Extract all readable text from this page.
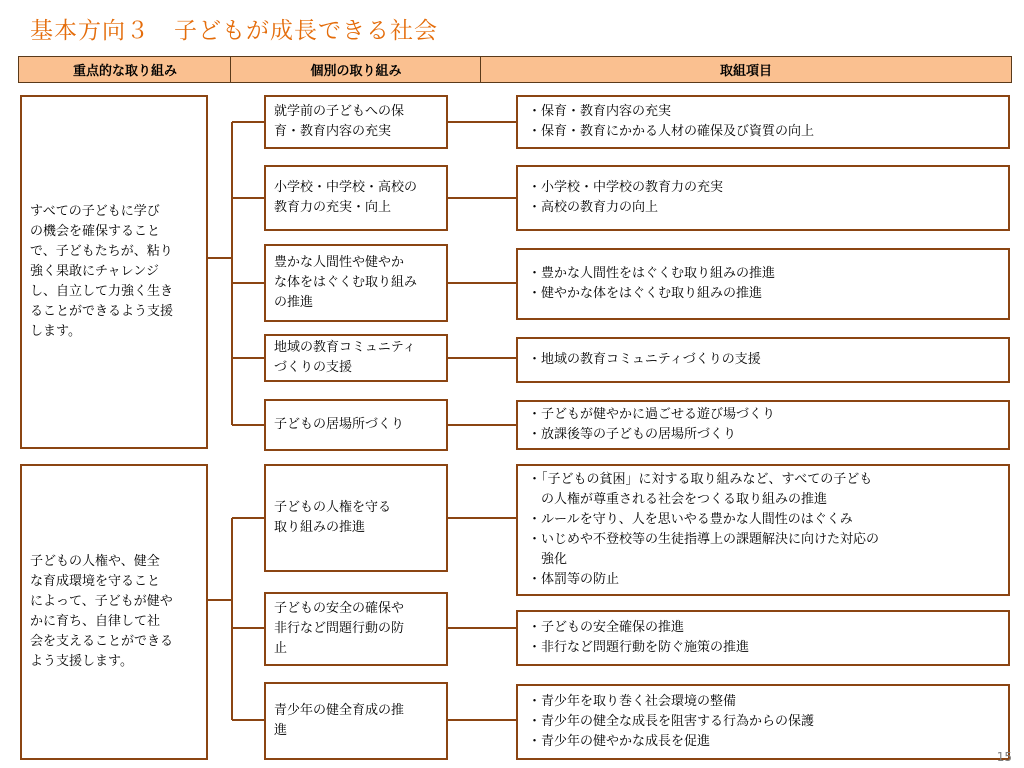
基本方向３　子どもが成長できる社会
重点的な取り組み	個別の取り組み	取組項目
すべての子どもに学び
の機会を確保すること
で、子どもたちが、粘り
強く果敢にチャレンジ
し、自立して力強く生き
ることができるよう支援
します。
就学前の子どもへの保
育・教育内容の充実
小学校・中学校・高校の
教育力の充実・向上
豊かな人間性や健やか
な体をはぐくむ取り組み
の推進
地域の教育コミュニティ
づくりの支援
子どもの居場所づくり
・保育・教育内容の充実
・保育・教育にかかる人材の確保及び資質の向上
・小学校・中学校の教育力の充実
・高校の教育力の向上
・豊かな人間性をはぐくむ取り組みの推進
・健やかな体をはぐくむ取り組みの推進
・地域の教育コミュニティづくりの支援
・子どもが健やかに過ごせる遊び場づくり
・放課後等の子どもの居場所づくり
子どもの人権や、健全
な育成環境を守ること
によって、子どもが健や
かに育ち、自律して社
会を支えることができる
よう支援します。
子どもの人権を守る
取り組みの推進
子どもの安全の確保や
非行など問題行動の防
止
青少年の健全育成の推
進
・「子どもの貧困」に対する取り組みなど、すべての子ども
　の人権が尊重される社会をつくる取り組みの推進
・ルールを守り、人を思いやる豊かな人間性のはぐくみ
・いじめや不登校等の生徒指導上の課題解決に向けた対応の
　強化
・体罰等の防止
・子どもの安全確保の推進
・非行など問題行動を防ぐ施策の推進
・青少年を取り巻く社会環境の整備
・青少年の健全な成長を阻害する行為からの保護
・青少年の健やかな成長を促進
15
